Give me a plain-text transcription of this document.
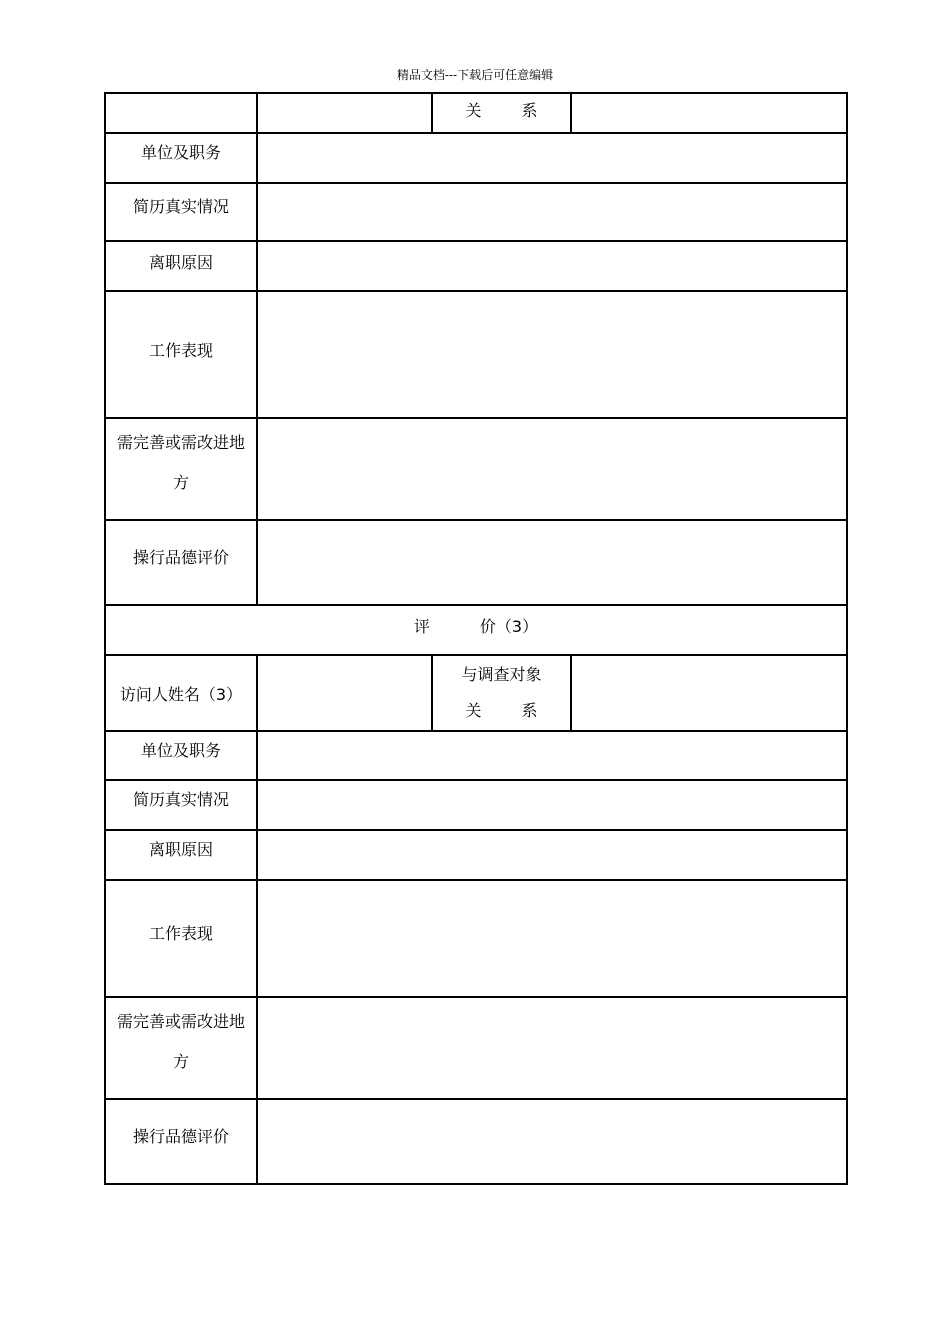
精品文档---下载后可任意编辑

		关 系	

单位及职务			
简历真实情况			
离职原因			
工作表现			

需完善或需改进地
方			

操行品德评价			

评 价（3）			

访问人姓名（3）		与调查对象
关 系	

单位及职务			
简历真实情况			
离职原因			
工作表现			

需完善或需改进地
方			

操行品德评价			
